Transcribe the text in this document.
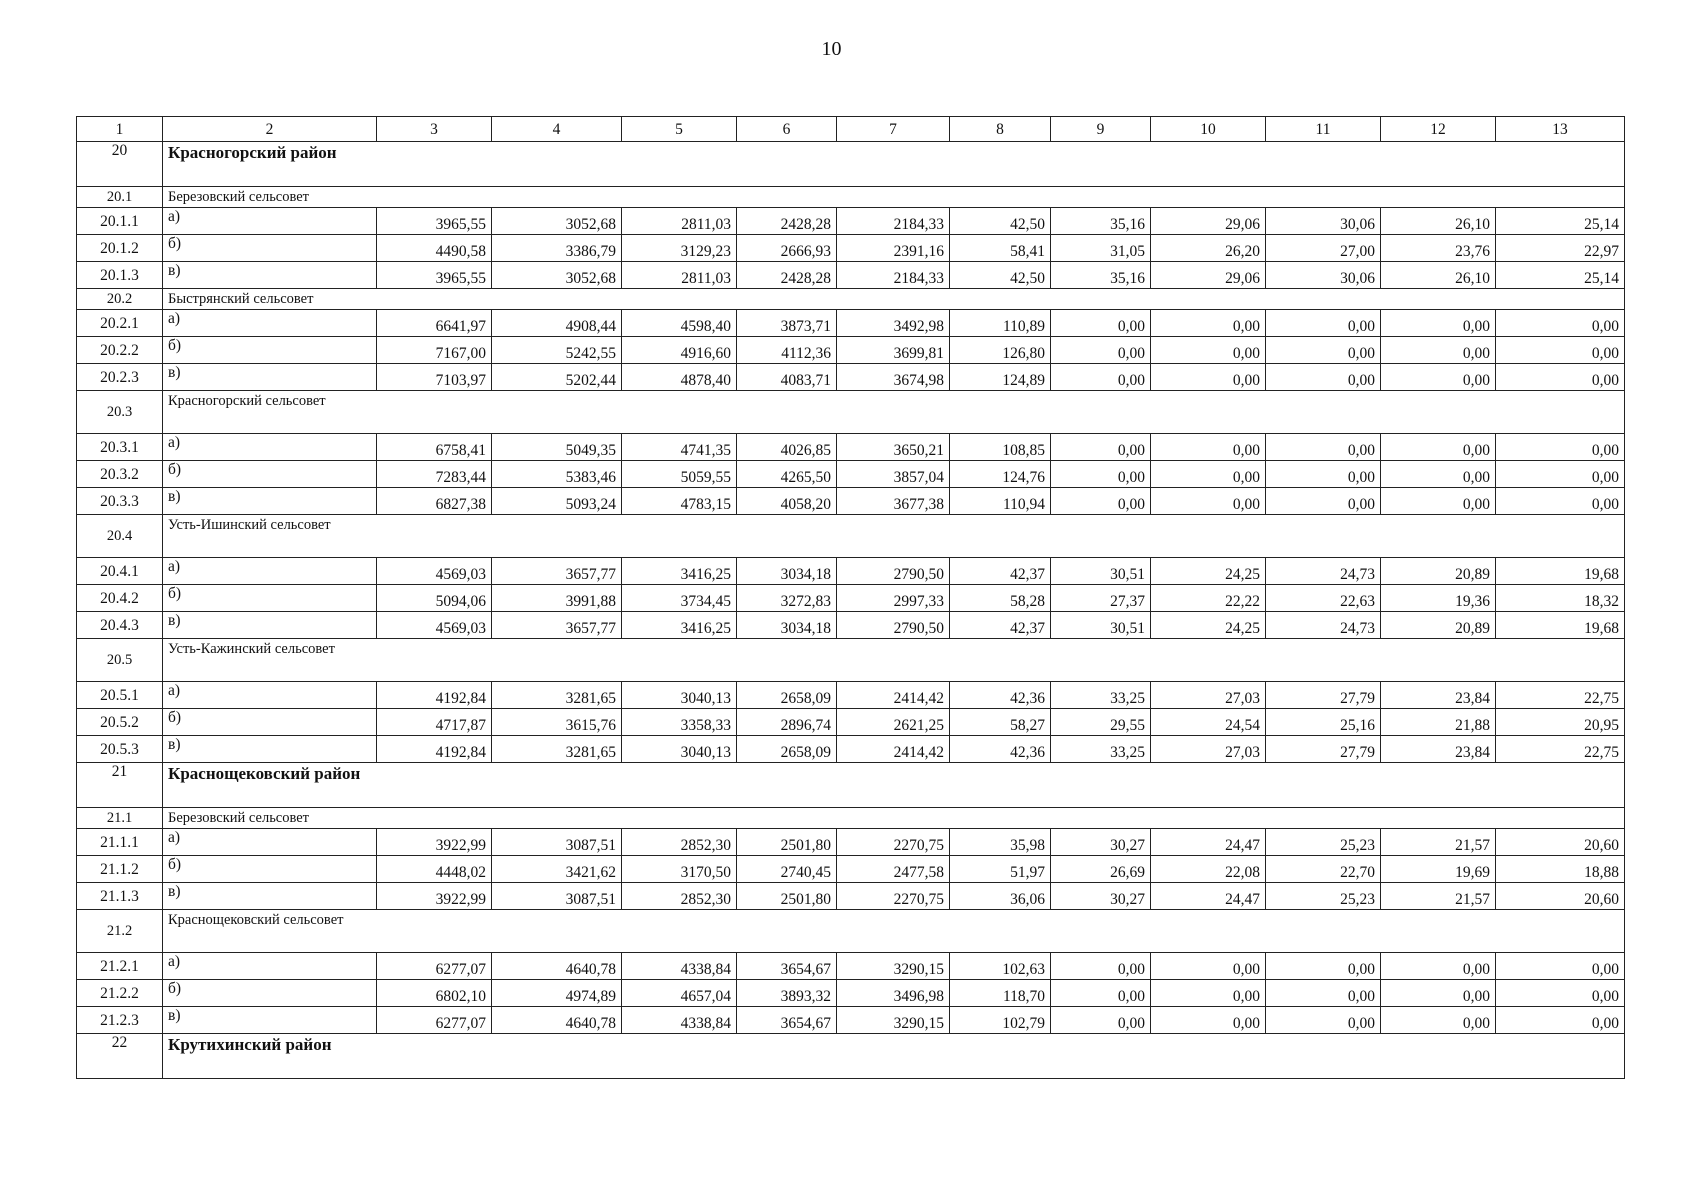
10
1	2	3	4	5	6	7	8	9	10	11	12	13
20	Красногорский район											
20.1	Березовский сельсовет											
20.1.1	а)	3965,55	3052,68	2811,03	2428,28	2184,33	42,50	35,16	29,06	30,06	26,10	25,14
20.1.2	б)	4490,58	3386,79	3129,23	2666,93	2391,16	58,41	31,05	26,20	27,00	23,76	22,97
20.1.3	в)	3965,55	3052,68	2811,03	2428,28	2184,33	42,50	35,16	29,06	30,06	26,10	25,14
20.2	Быстрянский сельсовет											
20.2.1	а)	6641,97	4908,44	4598,40	3873,71	3492,98	110,89	0,00	0,00	0,00	0,00	0,00
20.2.2	б)	7167,00	5242,55	4916,60	4112,36	3699,81	126,80	0,00	0,00	0,00	0,00	0,00
20.2.3	в)	7103,97	5202,44	4878,40	4083,71	3674,98	124,89	0,00	0,00	0,00	0,00	0,00
20.3	Красногорский сельсовет											
20.3.1	а)	6758,41	5049,35	4741,35	4026,85	3650,21	108,85	0,00	0,00	0,00	0,00	0,00
20.3.2	б)	7283,44	5383,46	5059,55	4265,50	3857,04	124,76	0,00	0,00	0,00	0,00	0,00
20.3.3	в)	6827,38	5093,24	4783,15	4058,20	3677,38	110,94	0,00	0,00	0,00	0,00	0,00
20.4	Усть-Ишинский сельсовет											
20.4.1	а)	4569,03	3657,77	3416,25	3034,18	2790,50	42,37	30,51	24,25	24,73	20,89	19,68
20.4.2	б)	5094,06	3991,88	3734,45	3272,83	2997,33	58,28	27,37	22,22	22,63	19,36	18,32
20.4.3	в)	4569,03	3657,77	3416,25	3034,18	2790,50	42,37	30,51	24,25	24,73	20,89	19,68
20.5	Усть-Кажинский сельсовет											
20.5.1	а)	4192,84	3281,65	3040,13	2658,09	2414,42	42,36	33,25	27,03	27,79	23,84	22,75
20.5.2	б)	4717,87	3615,76	3358,33	2896,74	2621,25	58,27	29,55	24,54	25,16	21,88	20,95
20.5.3	в)	4192,84	3281,65	3040,13	2658,09	2414,42	42,36	33,25	27,03	27,79	23,84	22,75
21	Краснощековский район											
21.1	Березовский сельсовет											
21.1.1	а)	3922,99	3087,51	2852,30	2501,80	2270,75	35,98	30,27	24,47	25,23	21,57	20,60
21.1.2	б)	4448,02	3421,62	3170,50	2740,45	2477,58	51,97	26,69	22,08	22,70	19,69	18,88
21.1.3	в)	3922,99	3087,51	2852,30	2501,80	2270,75	36,06	30,27	24,47	25,23	21,57	20,60
21.2	Краснощековский сельсовет											
21.2.1	а)	6277,07	4640,78	4338,84	3654,67	3290,15	102,63	0,00	0,00	0,00	0,00	0,00
21.2.2	б)	6802,10	4974,89	4657,04	3893,32	3496,98	118,70	0,00	0,00	0,00	0,00	0,00
21.2.3	в)	6277,07	4640,78	4338,84	3654,67	3290,15	102,79	0,00	0,00	0,00	0,00	0,00
22	Крутихинский район											
